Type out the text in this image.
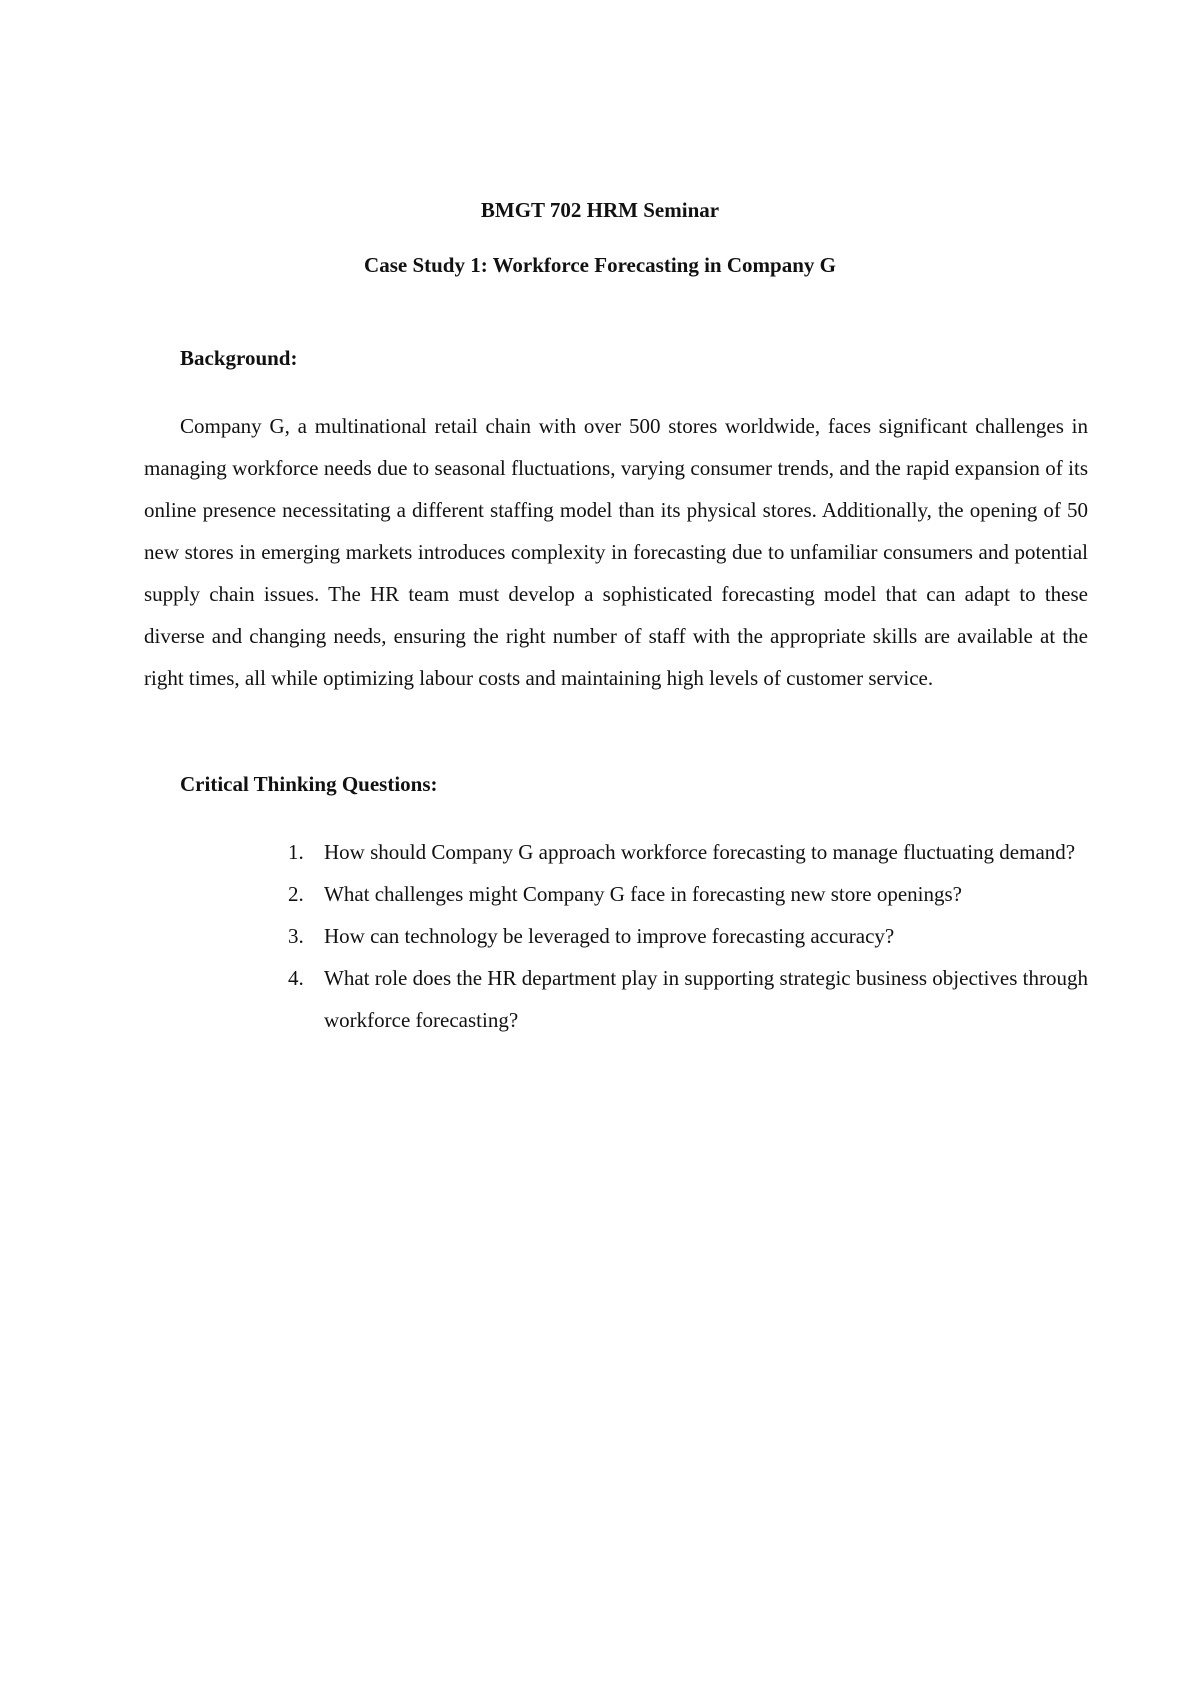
BMGT 702 HRM Seminar
Case Study 1: Workforce Forecasting in Company G
Background:

Company G, a multinational retail chain with over 500 stores worldwide, faces significant challenges in managing workforce needs due to seasonal fluctuations, varying consumer trends, and the rapid expansion of its online presence necessitating a different staffing model than its physical stores. Additionally, the opening of 50 new stores in emerging markets introduces complexity in forecasting due to unfamiliar consumers and potential supply chain issues. The HR team must develop a sophisticated forecasting model that can adapt to these diverse and changing needs, ensuring the right number of staff with the appropriate skills are available at the right times, all while optimizing labour costs and maintaining high levels of customer service.

Critical Thinking Questions:
1. How should Company G approach workforce forecasting to manage fluctuating demand?
2. What challenges might Company G face in forecasting new store openings?
3. How can technology be leveraged to improve forecasting accuracy?
4. What role does the HR department play in supporting strategic business objectives through workforce forecasting?
